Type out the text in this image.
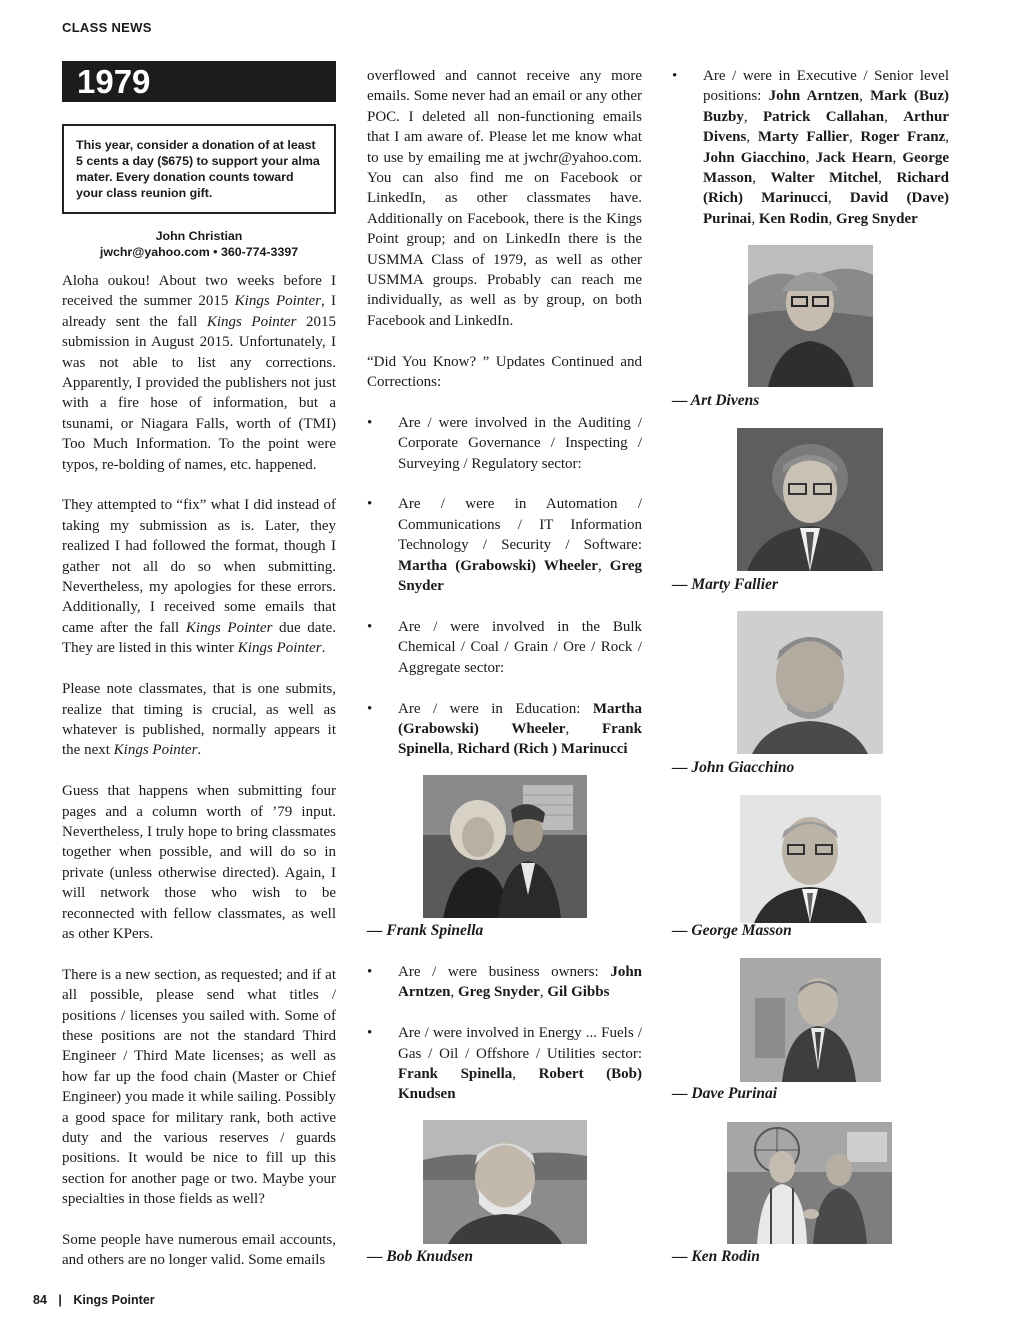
CLASS NEWS
1979
This year, consider a donation of at least 5 cents a day ($675) to support your alma mater. Every donation counts toward your class reunion gift.
John Christian
jwchr@yahoo.com • 360-774-3397

Aloha oukou! About two weeks before I received the summer 2015 Kings Pointer, I already sent the fall Kings Pointer 2015 submission in August 2015. Unfortunately, I was not able to list any corrections. Apparently, I provided the publishers not just with a fire hose of information, but a tsunami, or Niagara Falls, worth of (TMI) Too Much Information. To the point were typos, re-bolding of names, etc. happened.

They attempted to “fix” what I did instead of taking my submission as is. Later, they realized I had followed the format, though I gather not all do so when submitting. Nevertheless, my apologies for these errors. Additionally, I received some emails that came after the fall Kings Pointer due date. They are listed in this winter Kings Pointer.

Please note classmates, that is one submits, realize that timing is crucial, as well as whatever is published, normally appears it the next Kings Pointer.

Guess that happens when submitting four pages and a column worth of ’79 input. Nevertheless, I truly hope to bring classmates together when possible, and will do so in private (unless otherwise directed). Again, I will network those who wish to be reconnected with fellow classmates, as well as other KPers.

There is a new section, as requested; and if at all possible, please send what titles / positions / licenses you sailed with. Some of these positions are not the standard Third Engineer / Third Mate licenses; as well as how far up the food chain (Master or Chief Engineer) you made it while sailing. Possibly a good space for military rank, both active duty and the various reserves / guards positions. It would be nice to fill up this section for another page or two. Maybe your specialties in those fields as well?

Some people have numerous email accounts, and others are no longer valid. Some emails

overflowed and cannot receive any more emails. Some never had an email or any other POC. I deleted all non-functioning emails that I am aware of. Please let me know what to use by emailing me at jwchr@yahoo.com. You can also find me on Facebook or LinkedIn, as other classmates have. Additionally on Facebook, there is the Kings Point group; and on LinkedIn there is the USMMA Class of 1979, as well as other USMMA groups. Probably can reach me individually, as well as by group, on both Facebook and LinkedIn.

“Did You Know? ” Updates Continued and Corrections:

• Are / were involved in the Auditing / Corporate Governance / Inspecting / Surveying / Regulatory sector:
• Are / were in Automation / Communications / IT Information Technology / Security / Software: Martha (Grabowski) Wheeler, Greg Snyder
• Are / were involved in the Bulk Chemical / Coal / Grain / Ore / Rock / Aggregate sector:
• Are / were in Education: Martha (Grabowski) Wheeler, Frank Spinella, Richard (Rich ) Marinucci
— Frank Spinella
• Are / were business owners: John Arntzen, Greg Snyder, Gil Gibbs
• Are / were involved in Energy ... Fuels / Gas / Oil / Offshore / Utilities sector: Frank Spinella, Robert (Bob) Knudsen
— Bob Knudsen
• Are / were in Executive / Senior level positions: John Arntzen, Mark (Buz) Buzby, Patrick Callahan, Arthur Divens, Marty Fallier, Roger Franz, John Giacchino, Jack Hearn, George Masson, Walter Mitchel, Richard (Rich) Marinucci, David (Dave) Purinai, Ken Rodin, Greg Snyder
— Art Divens
— Marty Fallier
— John Giacchino
— George Masson
— Dave Purinai
— Ken Rodin
84 | Kings Pointer
